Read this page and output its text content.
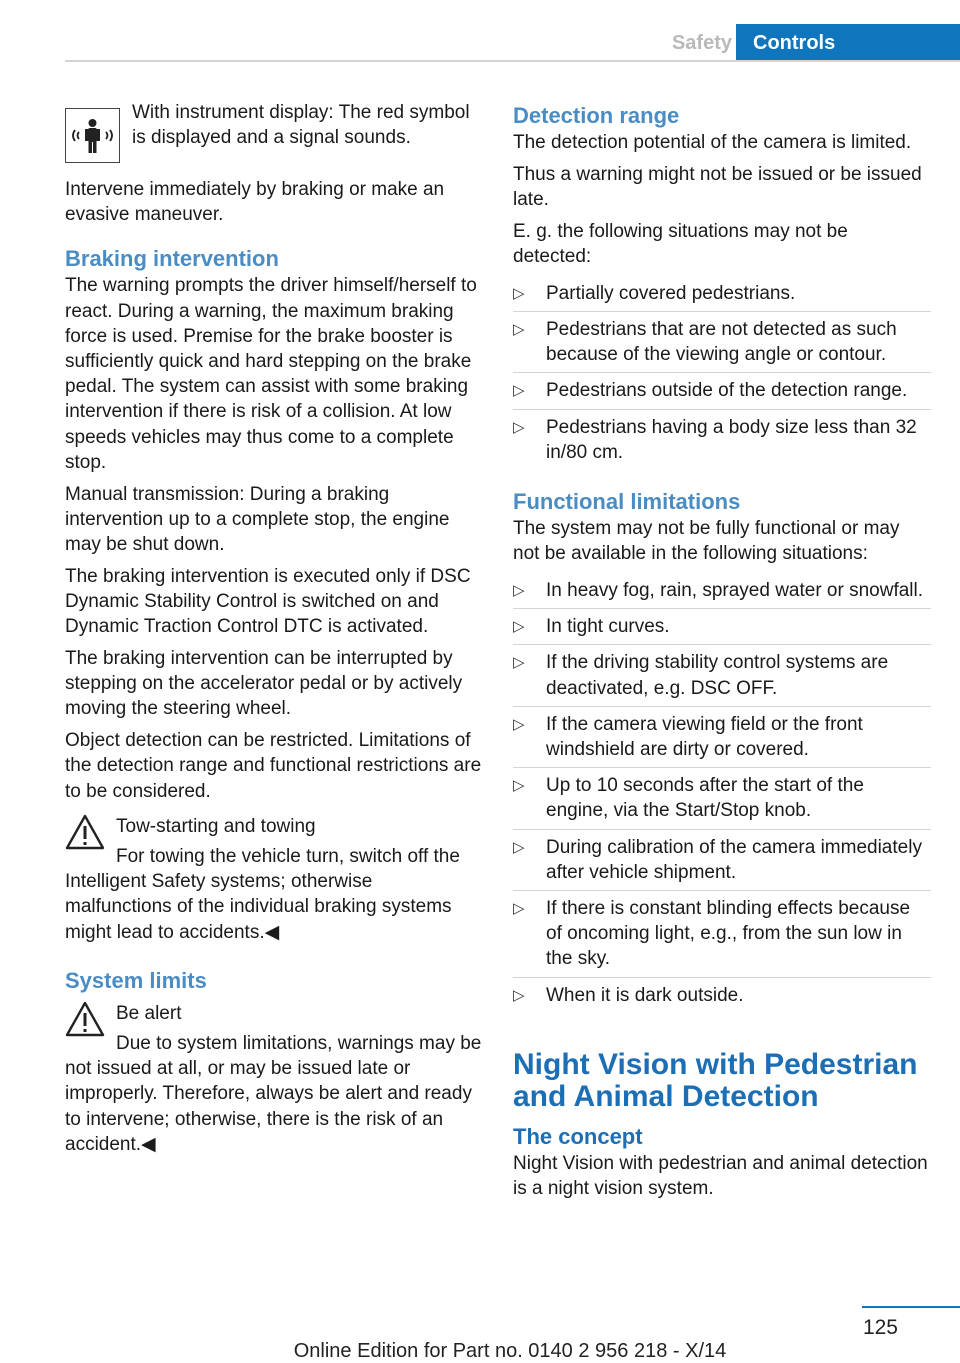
Safety	Controls
With instrument display: The red symbol is displayed and a signal sounds.

Intervene immediately by braking or make an evasive maneuver.

Braking intervention

The warning prompts the driver himself/herself to react. During a warning, the maximum braking force is used. Premise for the brake booster is sufficiently quick and hard stepping on the brake pedal. The system can assist with some braking intervention if there is risk of a collision. At low speeds vehicles may thus come to a complete stop.

Manual transmission: During a braking intervention up to a complete stop, the engine may be shut down.

The braking intervention is executed only if DSC Dynamic Stability Control is switched on and Dynamic Traction Control DTC is activated.

The braking intervention can be interrupted by stepping on the accelerator pedal or by actively moving the steering wheel.

Object detection can be restricted. Limitations of the detection range and functional restrictions are to be considered.

Tow-starting and towing

For towing the vehicle turn, switch off the Intelligent Safety systems; otherwise malfunctions of the individual braking systems might lead to accidents.◀

System limits
Be alert

Due to system limitations, warnings may be not issued at all, or may be issued late or improperly. Therefore, always be alert and ready to intervene; otherwise, there is the risk of an accident.◀

Detection range

The detection potential of the camera is limited.

Thus a warning might not be issued or be issued late.

E. g. the following situations may not be detected:

▷ Partially covered pedestrians.
▷ Pedestrians that are not detected as such because of the viewing angle or contour.
▷ Pedestrians outside of the detection range.
▷ Pedestrians having a body size less than 32 in/80 cm.
Functional limitations

The system may not be fully functional or may not be available in the following situations:

▷ In heavy fog, rain, sprayed water or snowfall.
▷ In tight curves.
▷ If the driving stability control systems are deactivated, e.g. DSC OFF.
▷ If the camera viewing field or the front windshield are dirty or covered.
▷ Up to 10 seconds after the start of the engine, via the Start/Stop knob.
▷ During calibration of the camera immediately after vehicle shipment.
▷ If there is constant blinding effects because of oncoming light, e.g., from the sun low in the sky.
▷ When it is dark outside.
Night Vision with Pedestrian and Animal Detection
The concept

Night Vision with pedestrian and animal detection is a night vision system.

125
Online Edition for Part no. 0140 2 956 218 - X/14
